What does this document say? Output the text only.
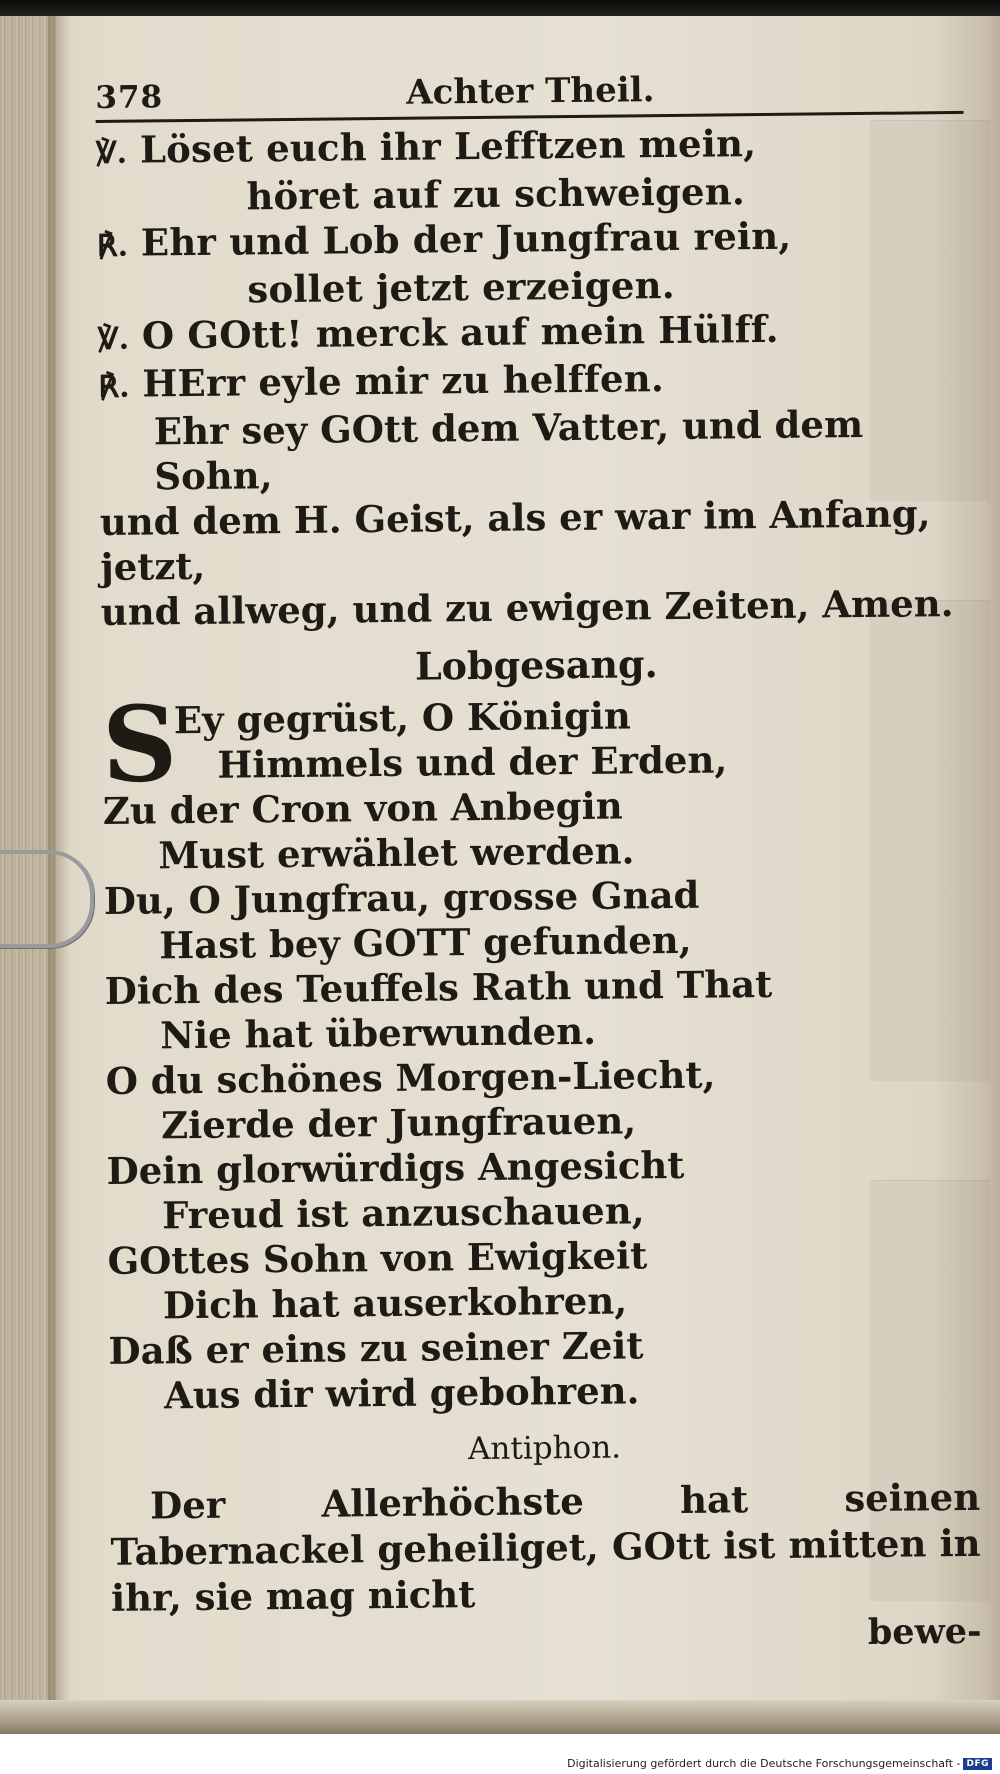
378	Achter Theil.
℣. Löset euch ihr Lefftzen mein,
höret auf zu schweigen.
℟. Ehr und Lob der Jungfrau rein,
sollet jetzt erzeigen.
℣. O GOtt! merck auf mein Hülff.
℟. HErr eyle mir zu helffen.
Ehr sey GOtt dem Vatter, und dem Sohn,
und dem H. Geist, als er war im Anfang, jetzt,
und allweg, und zu ewigen Zeiten, Amen.
Lobgesang.
S
Ey gegrüst, O Königin
Himmels und der Erden,
Zu der Cron von Anbegin
Must erwählet werden.
Du, O Jungfrau, grosse Gnad
Hast bey GOTT gefunden,
Dich des Teuffels Rath und That
Nie hat überwunden.
O du schönes Morgen-Liecht,
Zierde der Jungfrauen,
Dein glorwürdigs Angesicht
Freud ist anzuschauen,
GOttes Sohn von Ewigkeit
Dich hat auserkohren,
Daß er eins zu seiner Zeit
Aus dir wird gebohren.
Antiphon.
Der Allerhöchste hat seinen Tabernackel geheiliget, GOtt ist mitten in ihr, sie mag nicht
bewe-
Digitalisierung gefördert durch die Deutsche Forschungsgemeinschaft - DFG
